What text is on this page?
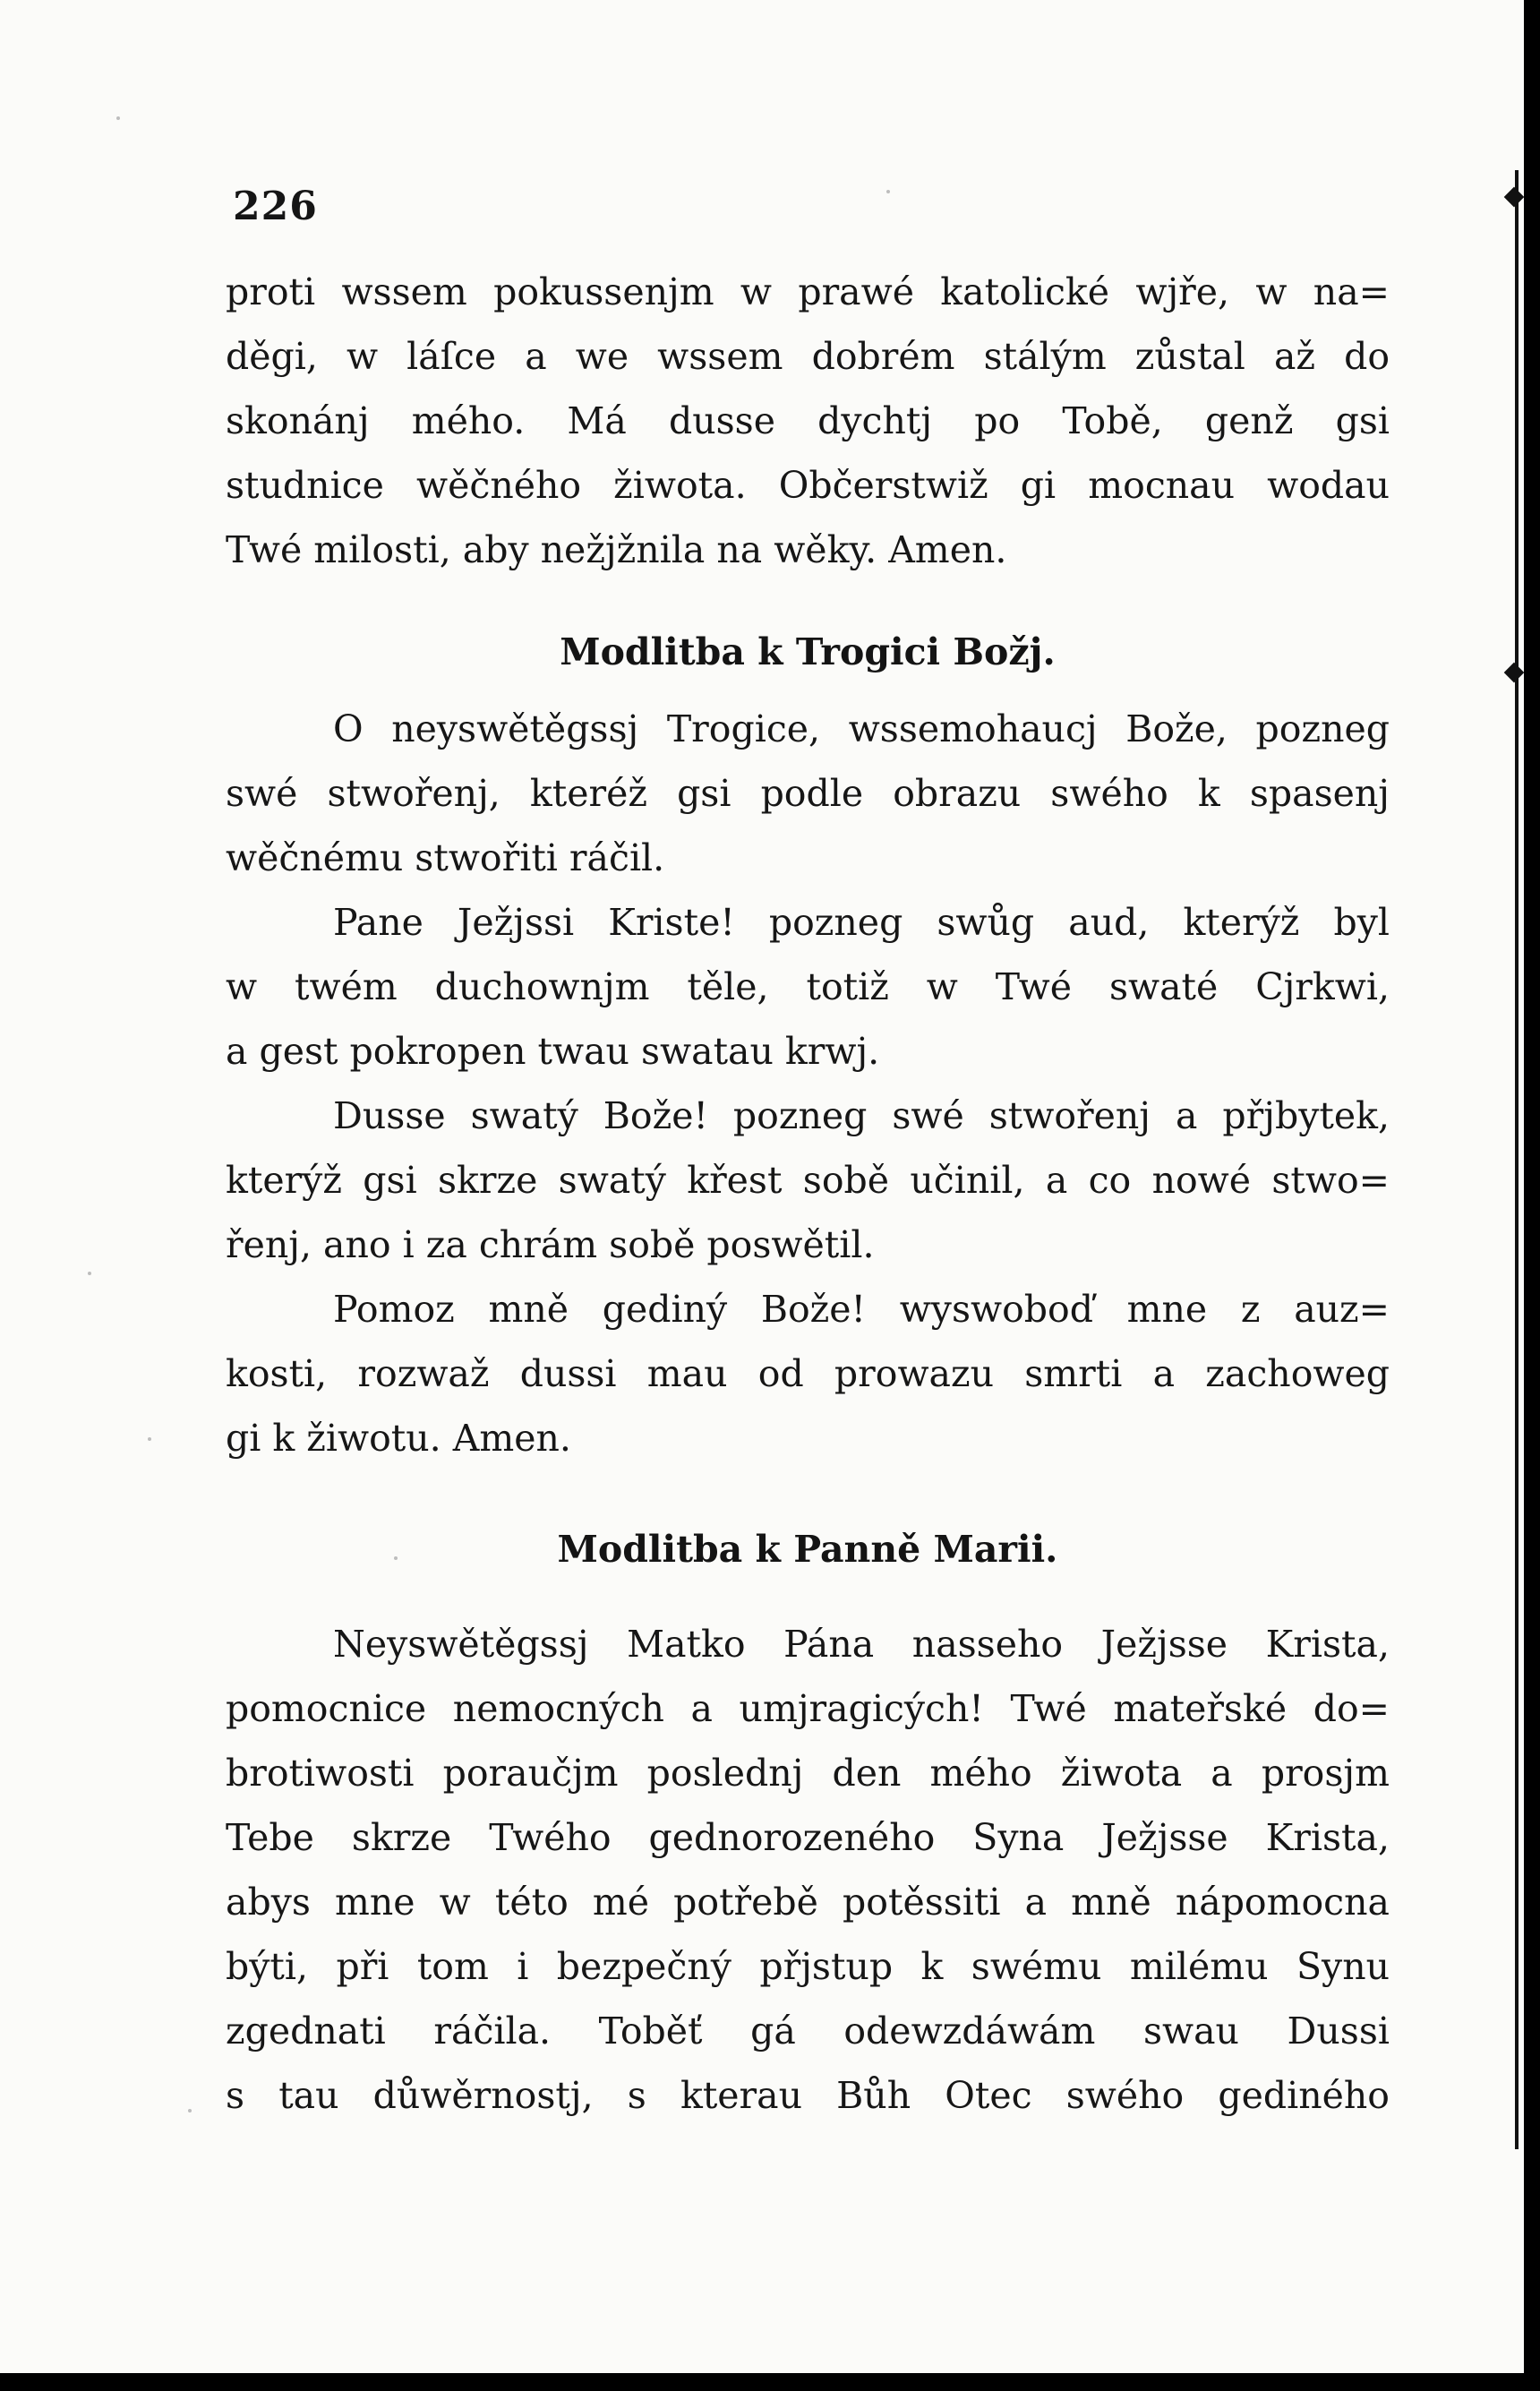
226
proti wssem pokussenjm w prawé katolické wjře, w na=
děgi, w láſce a we wssem dobrém stálým zůstal až do
skonánj mého. Má dusse dychtj po Tobě, genž gsi
studnice wěčného žiwota. Občerstwiž gi mocnau wodau
Twé milosti, aby nežjžnila na wěky. Amen.
Modlitba k Trogici Božj.
O neyswětěgssj Trogice, wssemohaucj Bože, pozneg
swé stwořenj, kteréž gsi podle obrazu swého k spasenj
wěčnému stwořiti ráčil.
Pane Ježjssi Kriste! pozneg swůg aud, kterýž byl
w twém duchownjm těle, totiž w Twé swaté Cjrkwi,
a gest pokropen twau swatau krwj.
Dusse swatý Bože! pozneg swé stwořenj a přjbytek,
kterýž gsi skrze swatý křest sobě učinil, a co nowé stwo=
řenj, ano i za chrám sobě poswětil.
Pomoz mně gediný Bože! wyswoboď mne z auz=
kosti, rozwaž dussi mau od prowazu smrti a zachoweg
gi k žiwotu. Amen.
Modlitba k Panně Marii.
Neyswětěgssj Matko Pána nasseho Ježjsse Krista,
pomocnice nemocných a umjragicých! Twé mateřské do=
brotiwosti poraučjm poslednj den mého žiwota a prosjm
Tebe skrze Twého gednorozeného Syna Ježjsse Krista,
abys mne w této mé potřebě potěssiti a mně nápomocna
býti, při tom i bezpečný přjstup k swému milému Synu
zgednati ráčila. Toběť gá odewzdáwám swau Dussi
s tau důwěrnostj, s kterau Bůh Otec swého gediného
